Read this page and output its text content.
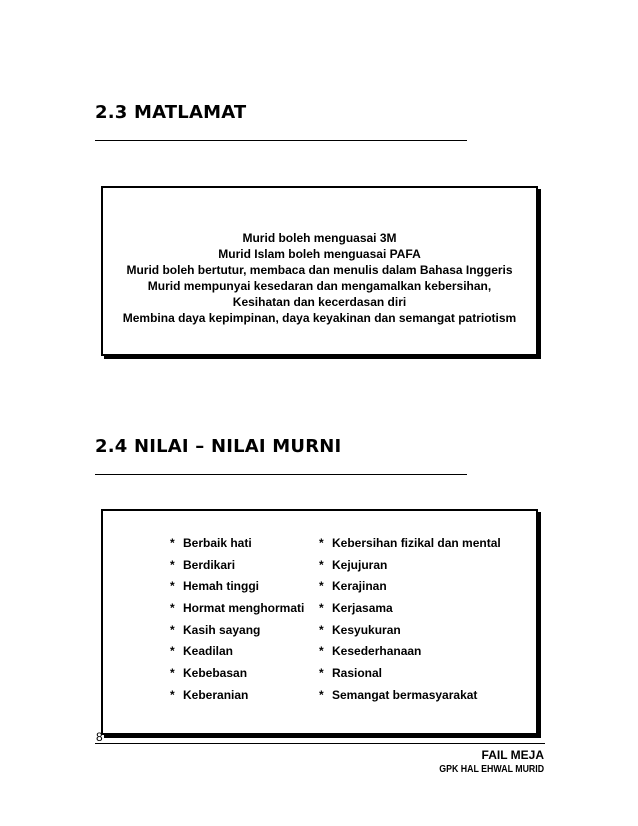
2.3 MATLAMAT
Murid boleh menguasai 3M
Murid Islam boleh menguasai PAFA
Murid boleh bertutur, membaca dan menulis dalam Bahasa Inggeris
Murid mempunyai kesedaran dan mengamalkan kebersihan,
Kesihatan dan kecerdasan diri
Membina daya kepimpinan, daya keyakinan dan semangat patriotism
2.4 NILAI – NILAI MURNI
* Berbaik hati
* Berdikari
* Hemah tinggi
* Hormat menghormati
* Kasih sayang
* Keadilan
* Kebebasan
* Keberanian
* Kebersihan fizikal dan mental
* Kejujuran
* Kerajinan
* Kerjasama
* Kesyukuran
* Kesederhanaan
* Rasional
* Semangat bermasyarakat
8
FAIL MEJA
GPK HAL EHWAL MURID
